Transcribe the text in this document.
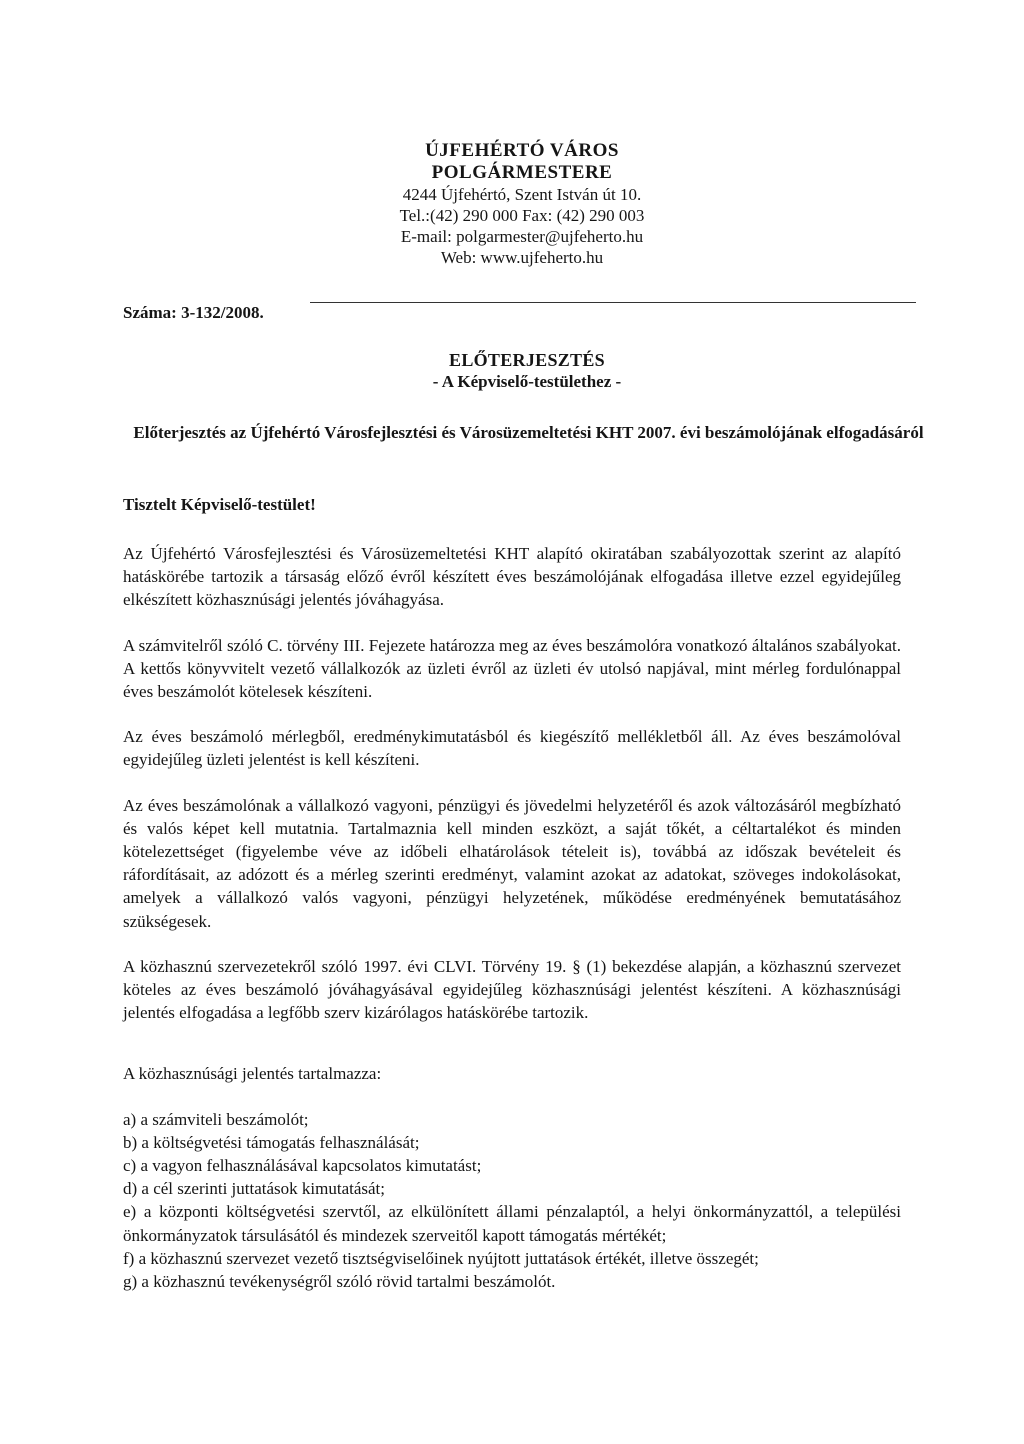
ÚJFEHÉRTÓ VÁROS
POLGÁRMESTERE
4244 Újfehértó, Szent István út 10.
Tel.:(42) 290 000 Fax: (42) 290 003
E-mail: polgarmester@ujfeherto.hu
Web: www.ujfeherto.hu
Száma: 3-132/2008.
ELŐTERJESZTÉS
- A Képviselő-testülethez -
Előterjesztés az Újfehértó Városfejlesztési és Városüzemeltetési KHT 2007. évi beszámolójának elfogadásáról
Tisztelt Képviselő-testület!

Az Újfehértó Városfejlesztési és Városüzemeltetési KHT alapító okiratában szabályozottak szerint az alapító hatáskörébe tartozik a társaság előző évről készített éves beszámolójának elfogadása illetve ezzel egyidejűleg elkészített közhasznúsági jelentés jóváhagyása.

A számvitelről szóló C. törvény III. Fejezete határozza meg az éves beszámolóra vonatkozó általános szabályokat. A kettős könyvvitelt vezető vállalkozók az üzleti évről az üzleti év utolsó napjával, mint mérleg fordulónappal éves beszámolót kötelesek készíteni.

Az éves beszámoló mérlegből, eredménykimutatásból és kiegészítő mellékletből áll. Az éves beszámolóval egyidejűleg üzleti jelentést is kell készíteni.

Az éves beszámolónak a vállalkozó vagyoni, pénzügyi és jövedelmi helyzetéről és azok változásáról megbízható és valós képet kell mutatnia. Tartalmaznia kell minden eszközt, a saját tőkét, a céltartalékot és minden kötelezettséget (figyelembe véve az időbeli elhatárolások tételeit is), továbbá az időszak bevételeit és ráfordításait, az adózott és a mérleg szerinti eredményt, valamint azokat az adatokat, szöveges indokolásokat, amelyek a vállalkozó valós vagyoni, pénzügyi helyzetének, működése eredményének bemutatásához szükségesek.

A közhasznú szervezetekről szóló 1997. évi CLVI. Törvény 19. § (1) bekezdése alapján, a közhasznú szervezet köteles az éves beszámoló jóváhagyásával egyidejűleg közhasznúsági jelentést készíteni. A közhasznúsági jelentés elfogadása a legfőbb szerv kizárólagos hatáskörébe tartozik.

A közhasznúsági jelentés tartalmazza:

a) a számviteli beszámolót;
b) a költségvetési támogatás felhasználását;
c) a vagyon felhasználásával kapcsolatos kimutatást;
d) a cél szerinti juttatások kimutatását;
e) a központi költségvetési szervtől, az elkülönített állami pénzalaptól, a helyi önkormányzattól, a települési önkormányzatok társulásától és mindezek szerveitől kapott támogatás mértékét;
f) a közhasznú szervezet vezető tisztségviselőinek nyújtott juttatások értékét, illetve összegét;
g) a közhasznú tevékenységről szóló rövid tartalmi beszámolót.
